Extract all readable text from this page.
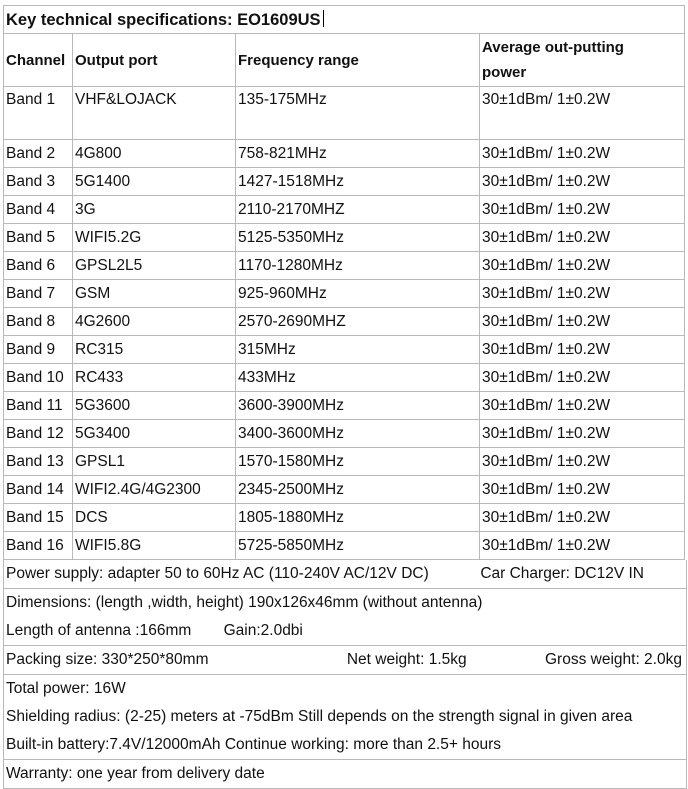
Key technical specifications: EO1609US			
Channel	Output port	Frequency range	Average out-putting
power

Band 1	VHF&LOJACK	135-175MHz	30±1dBm/ 1±0.2W
Band 2	4G800	758-821MHz	30±1dBm/ 1±0.2W
Band 3	5G1400	1427-1518MHz	30±1dBm/ 1±0.2W
Band 4	3G	2110-2170MHZ	30±1dBm/ 1±0.2W
Band 5	WIFI5.2G	5125-5350MHz	30±1dBm/ 1±0.2W
Band 6	GPSL2L5	1170-1280MHz	30±1dBm/ 1±0.2W
Band 7	GSM	925-960MHz	30±1dBm/ 1±0.2W
Band 8	4G2600	2570-2690MHZ	30±1dBm/ 1±0.2W
Band 9	RC315	315MHz	30±1dBm/ 1±0.2W
Band 10	RC433	433MHz	30±1dBm/ 1±0.2W
Band 11	5G3600	3600-3900MHz	30±1dBm/ 1±0.2W
Band 12	5G3400	3400-3600MHz	30±1dBm/ 1±0.2W
Band 13	GPSL1	1570-1580MHz	30±1dBm/ 1±0.2W
Band 14	WIFI2.4G/4G2300	2345-2500MHz	30±1dBm/ 1±0.2W
Band 15	DCS	1805-1880MHz	30±1dBm/ 1±0.2W
Band 16	WIFI5.8G	5725-5850MHz	30±1dBm/ 1±0.2W
Power supply: adapter 50 to 60Hz AC (110-240V AC/12V DC)	Car Charger: DC12V IN
Dimensions: (length ,width, height) 190x126x46mm (without antenna)
Length of antenna :166mm Gain:2.0dbi
Packing size: 330*250*80mm	Net weight: 1.5kg	Gross weight: 2.0kg
Total power: 16W
Shielding radius: (2-25) meters at -75dBm Still depends on the strength signal in given area
Built-in battery:7.4V/12000mAh Continue working: more than 2.5+ hours
Warranty: one year from delivery date
